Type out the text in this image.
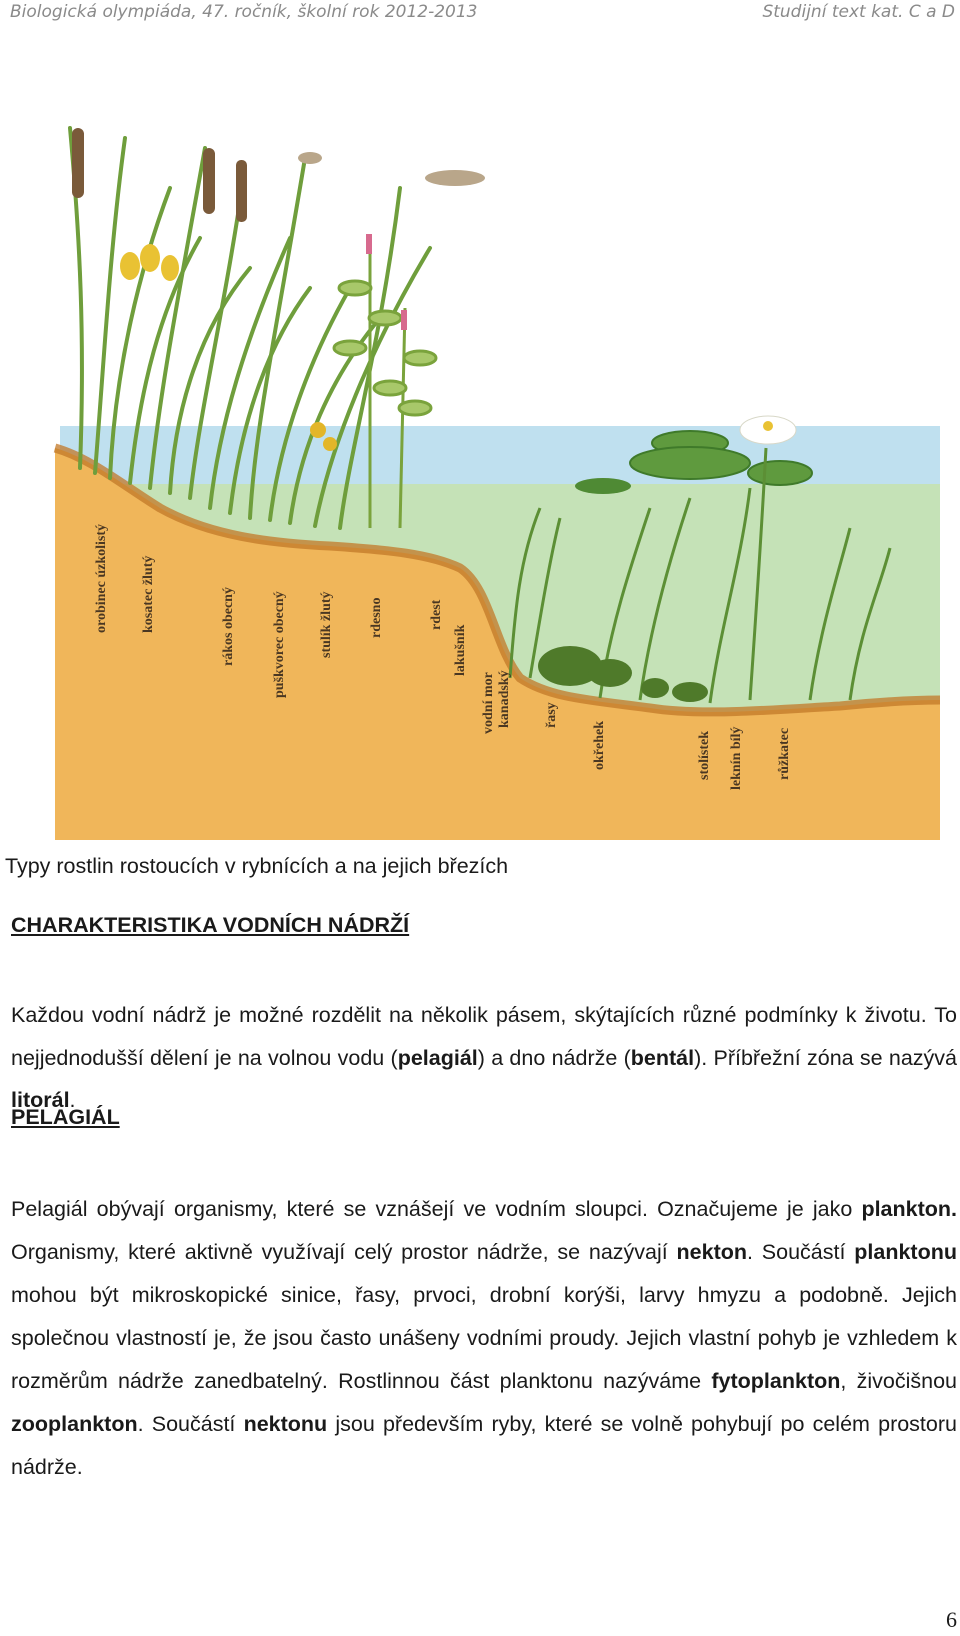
Biologická olympiáda, 47. ročník, školní rok 2012-2013	Studijní text kat. C a D
orobinec úzkolistý kosatec žlutý	rákos obecný	puškvorec obecný stulík žlutý	rdesno	rdest
lakušník
vodní mor kanadský řasy
okřehek	stolístek leknín bílý růžkatec
Typy rostlin rostoucích v rybnících a na jejich březích
CHARAKTERISTIKA VODNÍCH NÁDRŽÍ
Každou vodní nádrž je možné rozdělit na několik pásem, skýtajících různé podmínky k životu. To nejjednodušší dělení je na volnou vodu (pelagiál) a dno nádrže (bentál). Příbřežní zóna se nazývá litorál.
PELAGIÁL
Pelagiál obývají organismy, které se vznášejí ve vodním sloupci. Označujeme je jako plankton. Organismy, které aktivně využívají celý prostor nádrže, se nazývají nekton. Součástí planktonu mohou být mikroskopické sinice, řasy, prvoci, drobní korýši, larvy hmyzu a podobně. Jejich společnou vlastností je, že jsou často unášeny vodními proudy. Jejich vlastní pohyb je vzhledem k rozměrům nádrže zanedbatelný. Rostlinnou část planktonu nazýváme fytoplankton, živočišnou zooplankton. Součástí nektonu jsou především ryby, které se volně pohybují po celém prostoru nádrže.
6
